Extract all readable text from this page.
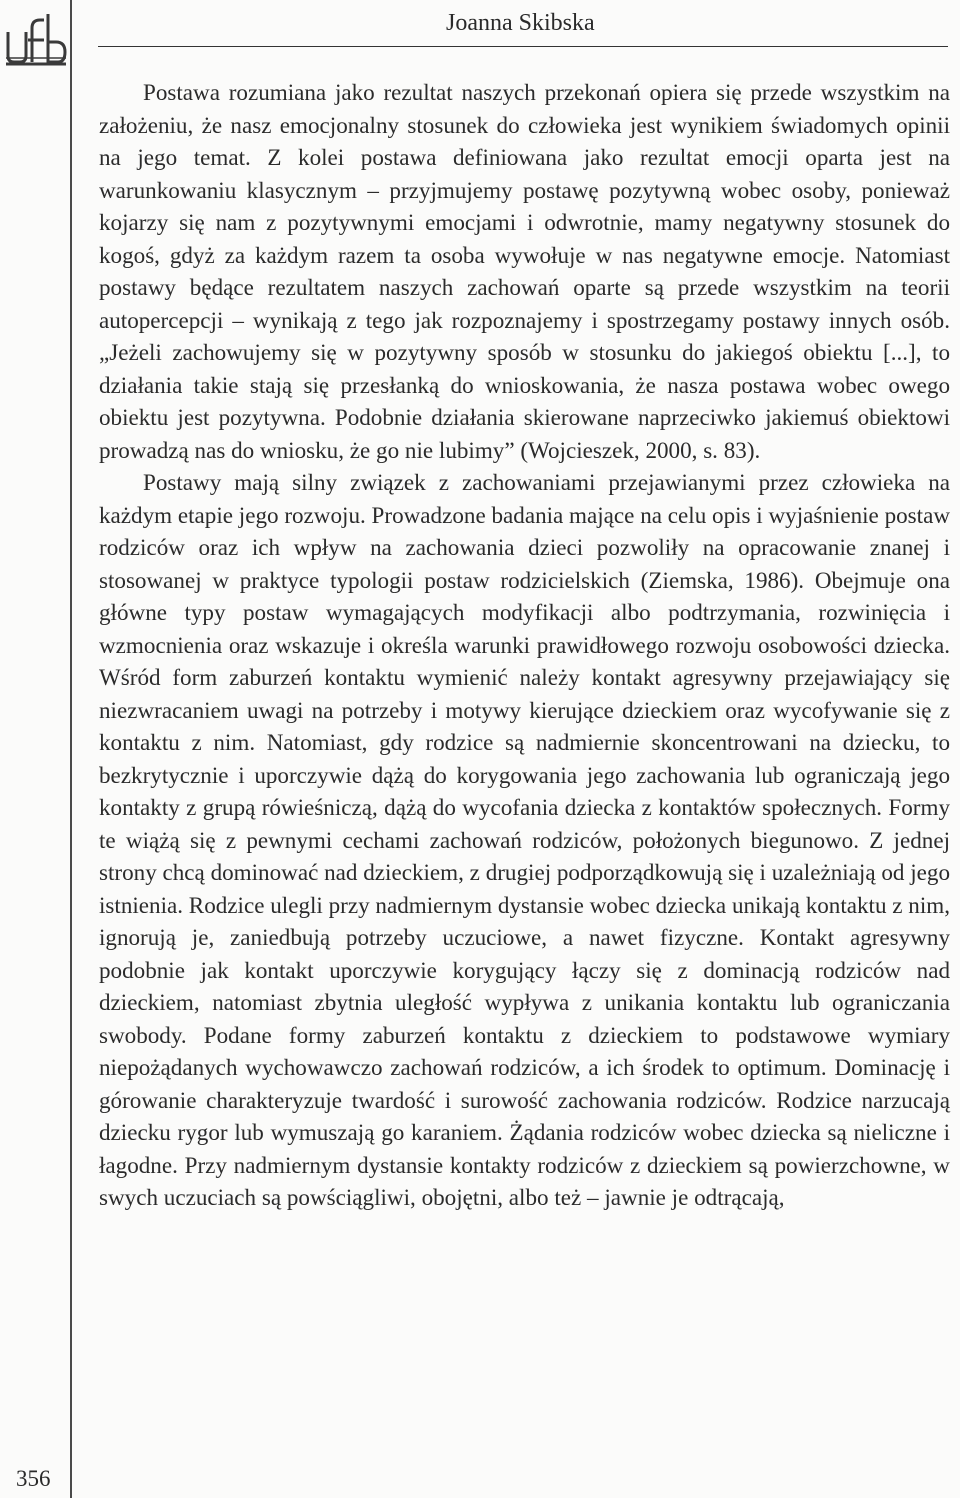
Joanna Skibska

Postawa rozumiana jako rezultat naszych przekonań opiera się przede wszystkim na założeniu, że nasz emocjonalny stosunek do człowieka jest wynikiem świadomych opinii na jego temat. Z kolei postawa definiowana jako rezultat emocji oparta jest na warunkowaniu klasycznym – przyjmujemy postawę pozytywną wobec osoby, ponieważ kojarzy się nam z pozytywnymi emocjami i odwrotnie, mamy negatywny stosunek do kogoś, gdyż za każdym razem ta osoba wywołuje w nas negatywne emocje. Natomiast postawy będące rezultatem naszych zachowań oparte są przede wszystkim na teorii autopercepcji – wynikają z tego jak rozpoznajemy i spostrzegamy postawy innych osób. „Jeżeli zachowujemy się w pozytywny sposób w stosunku do jakiegoś obiektu [...], to działania takie stają się przesłanką do wnioskowania, że nasza postawa wobec owego obiektu jest pozytywna. Podobnie działania skierowane naprzeciwko jakiemuś obiektowi prowadzą nas do wniosku, że go nie lubimy” (Wojcieszek, 2000, s. 83).

Postawy mają silny związek z zachowaniami przejawianymi przez człowieka na każdym etapie jego rozwoju. Prowadzone badania mające na celu opis i wyjaśnienie postaw rodziców oraz ich wpływ na zachowania dzieci pozwoliły na opracowanie znanej i stosowanej w praktyce typologii postaw rodzicielskich (Ziemska, 1986). Obejmuje ona główne typy postaw wymagających modyfikacji albo podtrzymania, rozwinięcia i wzmocnienia oraz wskazuje i określa warunki prawidłowego rozwoju osobowości dziecka. Wśród form zaburzeń kontaktu wymienić należy kontakt agresywny przejawiający się niezwracaniem uwagi na potrzeby i motywy kierujące dzieckiem oraz wycofywanie się z kontaktu z nim. Natomiast, gdy rodzice są nadmiernie skoncentrowani na dziecku, to bezkrytycznie i uporczywie dążą do korygowania jego zachowania lub ograniczają jego kontakty z grupą rówieśniczą, dążą do wycofania dziecka z kontaktów społecznych. Formy te wiążą się z pewnymi cechami zachowań rodziców, położonych biegunowo. Z jednej strony chcą dominować nad dzieckiem, z drugiej podporządkowują się i uzależniają od jego istnienia. Rodzice ulegli przy nadmiernym dystansie wobec dziecka unikają kontaktu z nim, ignorują je, zaniedbują potrzeby uczuciowe, a nawet fizyczne. Kontakt agresywny podobnie jak kontakt uporczywie korygujący łączy się z dominacją rodziców nad dzieckiem, natomiast zbytnia uległość wypływa z unikania kontaktu lub ograniczania swobody. Podane formy zaburzeń kontaktu z dzieckiem to podstawowe wymiary niepożądanych wychowawczo zachowań rodziców, a ich środek to optimum. Dominację i górowanie charakteryzuje twardość i surowość zachowania rodziców. Rodzice narzucają dziecku rygor lub wymuszają go karaniem. Żądania rodziców wobec dziecka są nieliczne i łagodne. Przy nadmiernym dystansie kontakty rodziców z dzieckiem są powierzchowne, w swych uczuciach są powściągliwi, obojętni, albo też – jawnie je odtrącają,

356
